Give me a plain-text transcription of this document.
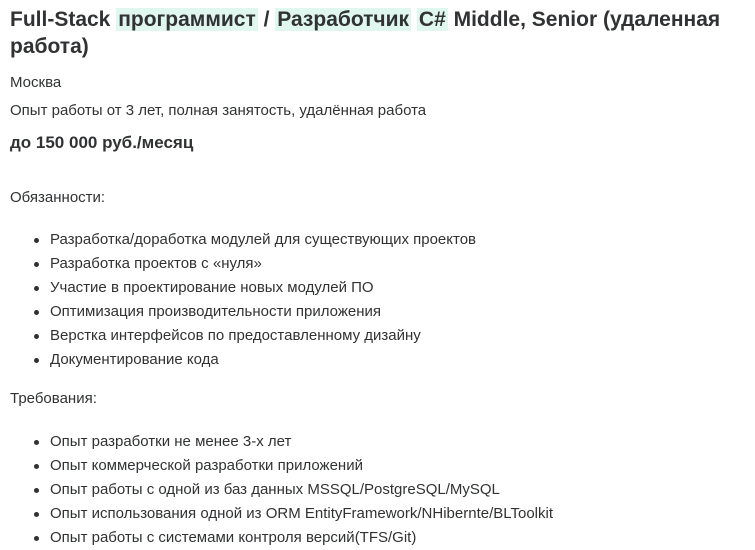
Full-Stack программист / Разработчик C# Middle, Senior (удаленная работа)
Москва
Опыт работы от 3 лет, полная занятость, удалённая работа
до 150 000 руб./месяц
Обязанности:
Разработка/доработка модулей для существующих проектов
Разработка проектов с «нуля»
Участие в проектирование новых модулей ПО
Оптимизация производительности приложения
Верстка интерфейсов по предоставленному дизайну
Документирование кода
Требования:
Опыт разработки не менее 3-х лет
Опыт коммерческой разработки приложений
Опыт работы с одной из баз данных MSSQL/PostgreSQL/MySQL
Опыт использования одной из ORM EntityFramework/NHibernte/BLToolkit
Опыт работы с системами контроля версий(TFS/Git)
